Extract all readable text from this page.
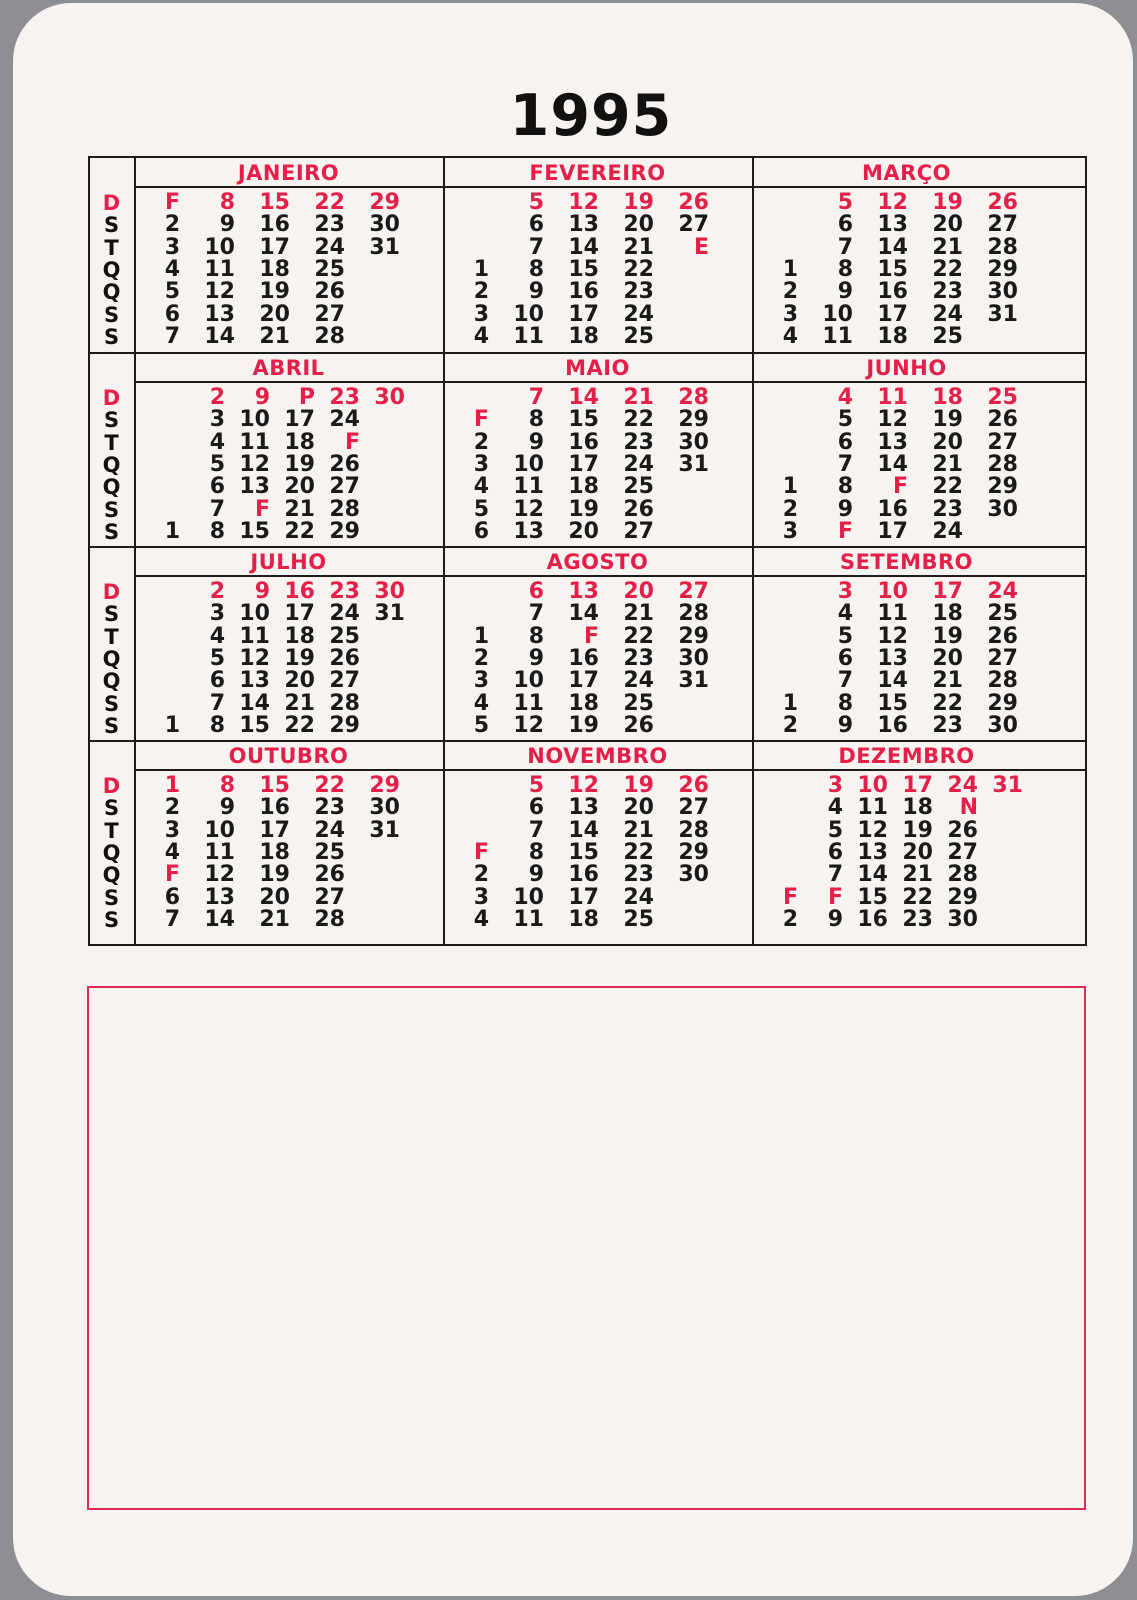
1995
D
S
T
Q
Q
S
S
JANEIRO
F
2
3
4
5
6
7
8
9
10
11
12
13
14
15
16
17
18
19
20
21
22
23
24
25
26
27
28
29
30
31
FEVEREIRO
1
2
3
4
5
6
7
8
9
10
11
12
13
14
15
16
17
18
19
20
21
22
23
24
25
26
27
E
MARÇO
1
2
3
4
5
6
7
8
9
10
11
12
13
14
15
16
17
18
19
20
21
22
23
24
25
26
27
28
29
30
31
D
S
T
Q
Q
S
S
ABRIL
1
2
3
4
5
6
7
8
9
10
11
12
13
F
15
P
17
18
19
20
21
22
23
24
F
26
27
28
29
30
MAIO
F
2
3
4
5
6
7
8
9
10
11
12
13
14
15
16
17
18
19
20
21
22
23
24
25
26
27
28
29
30
31
JUNHO
1
2
3
4
5
6
7
8
9
F
11
12
13
14
F
16
17
18
19
20
21
22
23
24
25
26
27
28
29
30
D
S
T
Q
Q
S
S
JULHO
1
2
3
4
5
6
7
8
9
10
11
12
13
14
15
16
17
18
19
20
21
22
23
24
25
26
27
28
29
30
31
AGOSTO
1
2
3
4
5
6
7
8
9
10
11
12
13
14
F
16
17
18
19
20
21
22
23
24
25
26
27
28
29
30
31
SETEMBRO
1
2
3
4
5
6
7
8
9
10
11
12
13
14
15
16
17
18
19
20
21
22
23
24
25
26
27
28
29
30
D
S
T
Q
Q
S
S
OUTUBRO
1
2
3
4
F
6
7
8
9
10
11
12
13
14
15
16
17
18
19
20
21
22
23
24
25
26
27
28
29
30
31
NOVEMBRO
F
2
3
4
5
6
7
8
9
10
11
12
13
14
15
16
17
18
19
20
21
22
23
24
25
26
27
28
29
30
DEZEMBRO
F
2
3
4
5
6
7
F
9
10
11
12
13
14
15
16
17
18
19
20
21
22
23
24
N
26
27
28
29
30
31
